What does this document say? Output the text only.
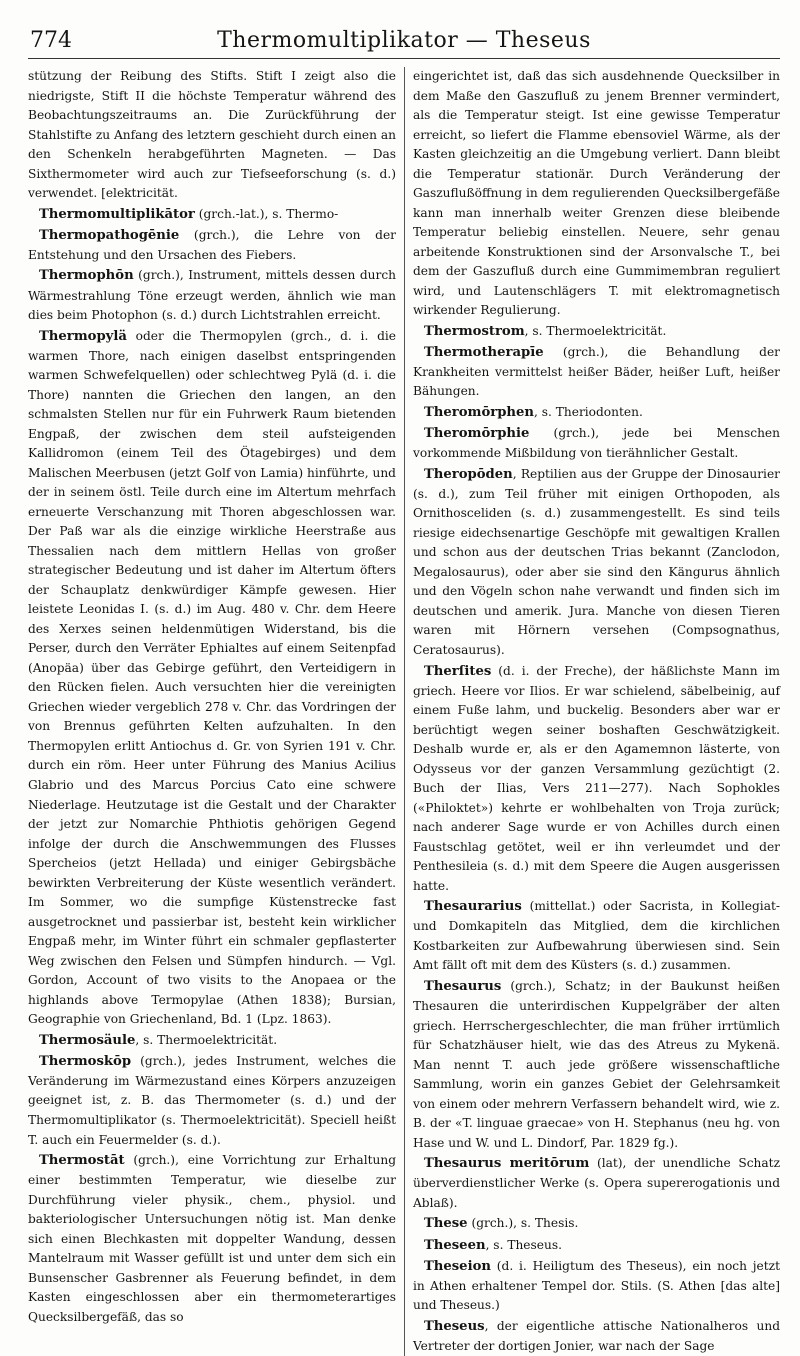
774	Thermomultiplikator — Theseus

stützung der Reibung des Stifts. Stift I zeigt also die niedrigste, Stift II die höchste Temperatur während des Beobachtungszeitraums an. Die Zurückführung der Stahlstifte zu Anfang des letztern geschieht durch einen an den Schenkeln herabgeführten Magneten. — Das Sixthermometer wird auch zur Tiefseeforschung (s. d.) verwendet. [elektricität.

Thermomultiplikātor (grch.-lat.), s. Thermo-

Thermopathogēnie (grch.), die Lehre von der Entstehung und den Ursachen des Fiebers.

Thermophōn (grch.), Instrument, mittels dessen durch Wärmestrahlung Töne erzeugt werden, ähnlich wie man dies beim Photophon (s. d.) durch Lichtstrahlen erreicht.

Thermopylä oder die Thermopylen (grch., d. i. die warmen Thore, nach einigen daselbst entspringenden warmen Schwefelquellen) oder schlechtweg Pylä (d. i. die Thore) nannten die Griechen den langen, an den schmalsten Stellen nur für ein Fuhrwerk Raum bietenden Engpaß, der zwischen dem steil aufsteigenden Kallidromon (einem Teil des Ötagebirges) und dem Malischen Meerbusen (jetzt Golf von Lamia) hinführte, und der in seinem östl. Teile durch eine im Altertum mehrfach erneuerte Verschanzung mit Thoren abgeschlossen war. Der Paß war als die einzige wirkliche Heerstraße aus Thessalien nach dem mittlern Hellas von großer strategischer Bedeutung und ist daher im Altertum öfters der Schauplatz denkwürdiger Kämpfe gewesen. Hier leistete Leonidas I. (s. d.) im Aug. 480 v. Chr. dem Heere des Xerxes seinen heldenmütigen Widerstand, bis die Perser, durch den Verräter Ephialtes auf einem Seitenpfad (Anopäa) über das Gebirge geführt, den Verteidigern in den Rücken fielen. Auch versuchten hier die vereinigten Griechen wieder vergeblich 278 v. Chr. das Vordringen der von Brennus geführten Kelten aufzuhalten. In den Thermopylen erlitt Antiochus d. Gr. von Syrien 191 v. Chr. durch ein röm. Heer unter Führung des Manius Acilius Glabrio und des Marcus Porcius Cato eine schwere Niederlage. Heutzutage ist die Gestalt und der Charakter der jetzt zur Nomarchie Phthiotis gehörigen Gegend infolge der durch die Anschwemmungen des Flusses Spercheios (jetzt Hellada) und einiger Gebirgsbäche bewirkten Verbreiterung der Küste wesentlich verändert. Im Sommer, wo die sumpfige Küstenstrecke fast ausgetrocknet und passierbar ist, besteht kein wirklicher Engpaß mehr, im Winter führt ein schmaler gepflasterter Weg zwischen den Felsen und Sümpfen hindurch. — Vgl. Gordon, Account of two visits to the Anopaea or the highlands above Termopylae (Athen 1838); Bursian, Geographie von Griechenland, Bd. 1 (Lpz. 1863).

Thermosäule, s. Thermoelektricität.

Thermoskōp (grch.), jedes Instrument, welches die Veränderung im Wärmezustand eines Körpers anzuzeigen geeignet ist, z. B. das Thermometer (s. d.) und der Thermomultiplikator (s. Thermoelektricität). Speciell heißt T. auch ein Feuermelder (s. d.).

Thermostāt (grch.), eine Vorrichtung zur Erhaltung einer bestimmten Temperatur, wie dieselbe zur Durchführung vieler physik., chem., physiol. und bakteriologischer Untersuchungen nötig ist. Man denke sich einen Blechkasten mit doppelter Wandung, dessen Mantelraum mit Wasser gefüllt ist und unter dem sich ein Bunsenscher Gasbrenner als Feuerung befindet, in dem Kasten eingeschlossen aber ein thermometerartiges Quecksilbergefäß, das so

eingerichtet ist, daß das sich ausdehnende Quecksilber in dem Maße den Gaszufluß zu jenem Brenner vermindert, als die Temperatur steigt. Ist eine gewisse Temperatur erreicht, so liefert die Flamme ebensoviel Wärme, als der Kasten gleichzeitig an die Umgebung verliert. Dann bleibt die Temperatur stationär. Durch Veränderung der Gaszuflußöffnung in dem regulierenden Quecksilbergefäße kann man innerhalb weiter Grenzen diese bleibende Temperatur beliebig einstellen. Neuere, sehr genau arbeitende Konstruktionen sind der Arsonvalsche T., bei dem der Gaszufluß durch eine Gummimembran reguliert wird, und Lautenschlägers T. mit elektromagnetisch wirkender Regulierung.

Thermostrom, s. Thermoelektricität.

Thermotherapīe (grch.), die Behandlung der Krankheiten vermittelst heißer Bäder, heißer Luft, heißer Bähungen.

Theromōrphen, s. Theriodonten.

Theromōrphie (grch.), jede bei Menschen vorkommende Mißbildung von tierähnlicher Gestalt.

Theropōden, Reptilien aus der Gruppe der Dinosaurier (s. d.), zum Teil früher mit einigen Orthopoden, als Ornithosceliden (s. d.) zusammengestellt. Es sind teils riesige eidechsenartige Geschöpfe mit gewaltigen Krallen und schon aus der deutschen Trias bekannt (Zanclodon, Megalosaurus), oder aber sie sind den Kängurus ähnlich und den Vögeln schon nahe verwandt und finden sich im deutschen und amerik. Jura. Manche von diesen Tieren waren mit Hörnern versehen (Compsognathus, Ceratosaurus).

Therſites (d. i. der Freche), der häßlichste Mann im griech. Heere vor Ilios. Er war schielend, säbelbeinig, auf einem Fuße lahm, und buckelig. Besonders aber war er berüchtigt wegen seiner boshaften Geschwätzigkeit. Deshalb wurde er, als er den Agamemnon lästerte, von Odysseus vor der ganzen Versammlung gezüchtigt (2. Buch der Ilias, Vers 211—277). Nach Sophokles («Philoktet») kehrte er wohlbehalten von Troja zurück; nach anderer Sage wurde er von Achilles durch einen Faustschlag getötet, weil er ihn verleumdet und der Penthesileia (s. d.) mit dem Speere die Augen ausgerissen hatte.

Thesaurarius (mittellat.) oder Sacrista, in Kollegiat- und Domkapiteln das Mitglied, dem die kirchlichen Kostbarkeiten zur Aufbewahrung überwiesen sind. Sein Amt fällt oft mit dem des Küsters (s. d.) zusammen.

Thesaurus (grch.), Schatz; in der Baukunst heißen Thesauren die unterirdischen Kuppelgräber der alten griech. Herrschergeschlechter, die man früher irrtümlich für Schatzhäuser hielt, wie das des Atreus zu Mykenä. Man nennt T. auch jede größere wissenschaftliche Sammlung, worin ein ganzes Gebiet der Gelehrsamkeit von einem oder mehrern Verfassern behandelt wird, wie z. B. der «T. linguae graecae» von H. Stephanus (neu hg. von Hase und W. und L. Dindorf, Par. 1829 fg.).

Thesaurus meritōrum (lat), der unendliche Schatz überverdienstlicher Werke (s. Opera supererogationis und Ablaß).

These (grch.), s. Thesis.

Theseen, s. Theseus.

Theseion (d. i. Heiligtum des Theseus), ein noch jetzt in Athen erhaltener Tempel dor. Stils. (S. Athen [das alte] und Theseus.)

Theseus, der eigentliche attische Nationalheros und Vertreter der dortigen Jonier, war nach der Sage
